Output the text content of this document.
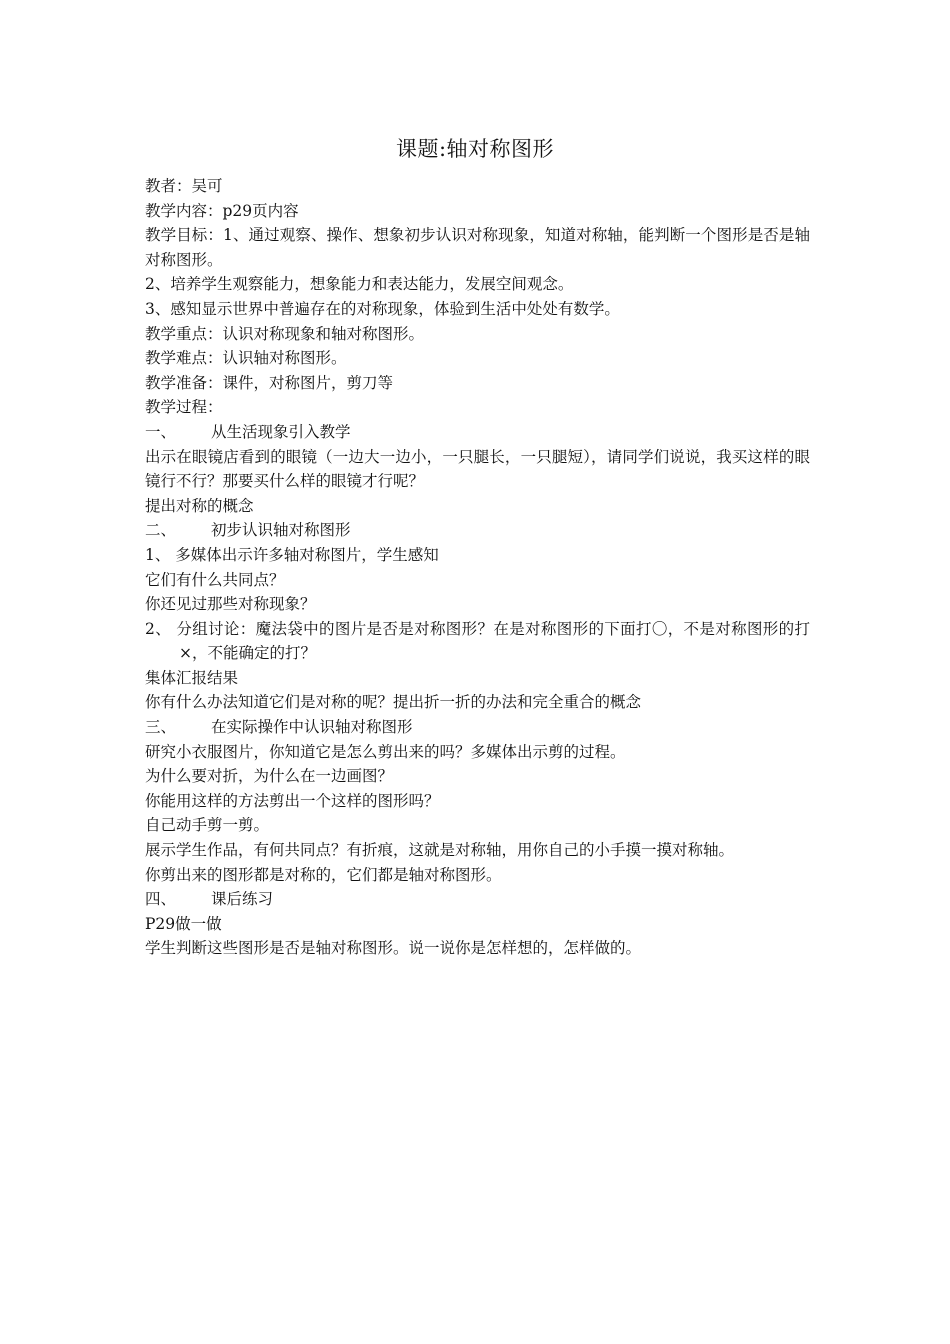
课题:轴对称图形

教者：吴可

教学内容：p29页内容

教学目标：1、通过观察、操作、想象初步认识对称现象，知道对称轴，能判断一个图形是否是轴对称图形。

2、培养学生观察能力，想象能力和表达能力，发展空间观念。

3、感知显示世界中普遍存在的对称现象，体验到生活中处处有数学。

教学重点：认识对称现象和轴对称图形。

教学难点：认识轴对称图形。

教学准备：课件，对称图片，剪刀等

教学过程：

一、	从生活现象引入教学

出示在眼镜店看到的眼镜（一边大一边小，一只腿长，一只腿短），请同学们说说，我买这样的眼镜行不行？那要买什么样的眼镜才行呢？

提出对称的概念

二、	初步认识轴对称图形

1、 多媒体出示许多轴对称图片，学生感知

它们有什么共同点？

你还见过那些对称现象？

2、 分组讨论：魔法袋中的图片是否是对称图形？在是对称图形的下面打〇，不是对称图形的打×，不能确定的打？

集体汇报结果

你有什么办法知道它们是对称的呢？提出折一折的办法和完全重合的概念

三、	在实际操作中认识轴对称图形

研究小衣服图片，你知道它是怎么剪出来的吗？多媒体出示剪的过程。

为什么要对折，为什么在一边画图？

你能用这样的方法剪出一个这样的图形吗？

自己动手剪一剪。

展示学生作品，有何共同点？有折痕，这就是对称轴，用你自己的小手摸一摸对称轴。

你剪出来的图形都是对称的，它们都是轴对称图形。

四、	课后练习

P29做一做

学生判断这些图形是否是轴对称图形。说一说你是怎样想的，怎样做的。
